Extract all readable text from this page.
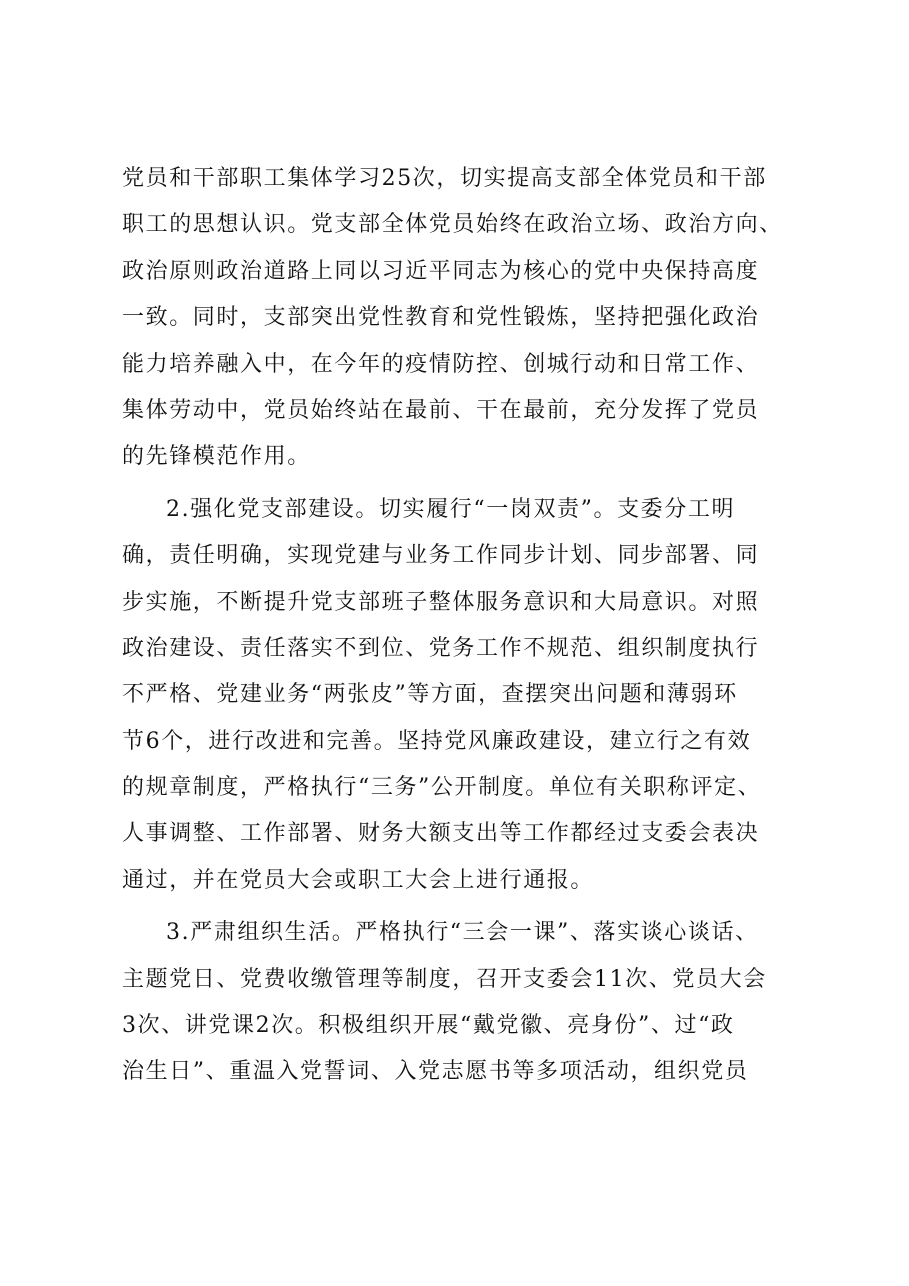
党员和干部职工集体学习25次，切实提高支部全体党员和干部
职工的思想认识。党支部全体党员始终在政治立场、政治方向、
政治原则政治道路上同以习近平同志为核心的党中央保持高度
一致。同时，支部突出党性教育和党性锻炼，坚持把强化政治
能力培养融入中，在今年的疫情防控、创城行动和日常工作、
集体劳动中，党员始终站在最前、干在最前，充分发挥了党员
的先锋模范作用。
2.强化党支部建设。切实履行“一岗双责”。支委分工明
确，责任明确，实现党建与业务工作同步计划、同步部署、同
步实施，不断提升党支部班子整体服务意识和大局意识。对照
政治建设、责任落实不到位、党务工作不规范、组织制度执行
不严格、党建业务“两张皮”等方面，查摆突出问题和薄弱环
节6个，进行改进和完善。坚持党风廉政建设，建立行之有效
的规章制度，严格执行“三务”公开制度。单位有关职称评定、
人事调整、工作部署、财务大额支出等工作都经过支委会表决
通过，并在党员大会或职工大会上进行通报。
3.严肃组织生活。严格执行“三会一课”、落实谈心谈话、
主题党日、党费收缴管理等制度，召开支委会11次、党员大会
3次、讲党课2次。积极组织开展“戴党徽、亮身份”、过“政
治生日”、重温入党誓词、入党志愿书等多项活动，组织党员
